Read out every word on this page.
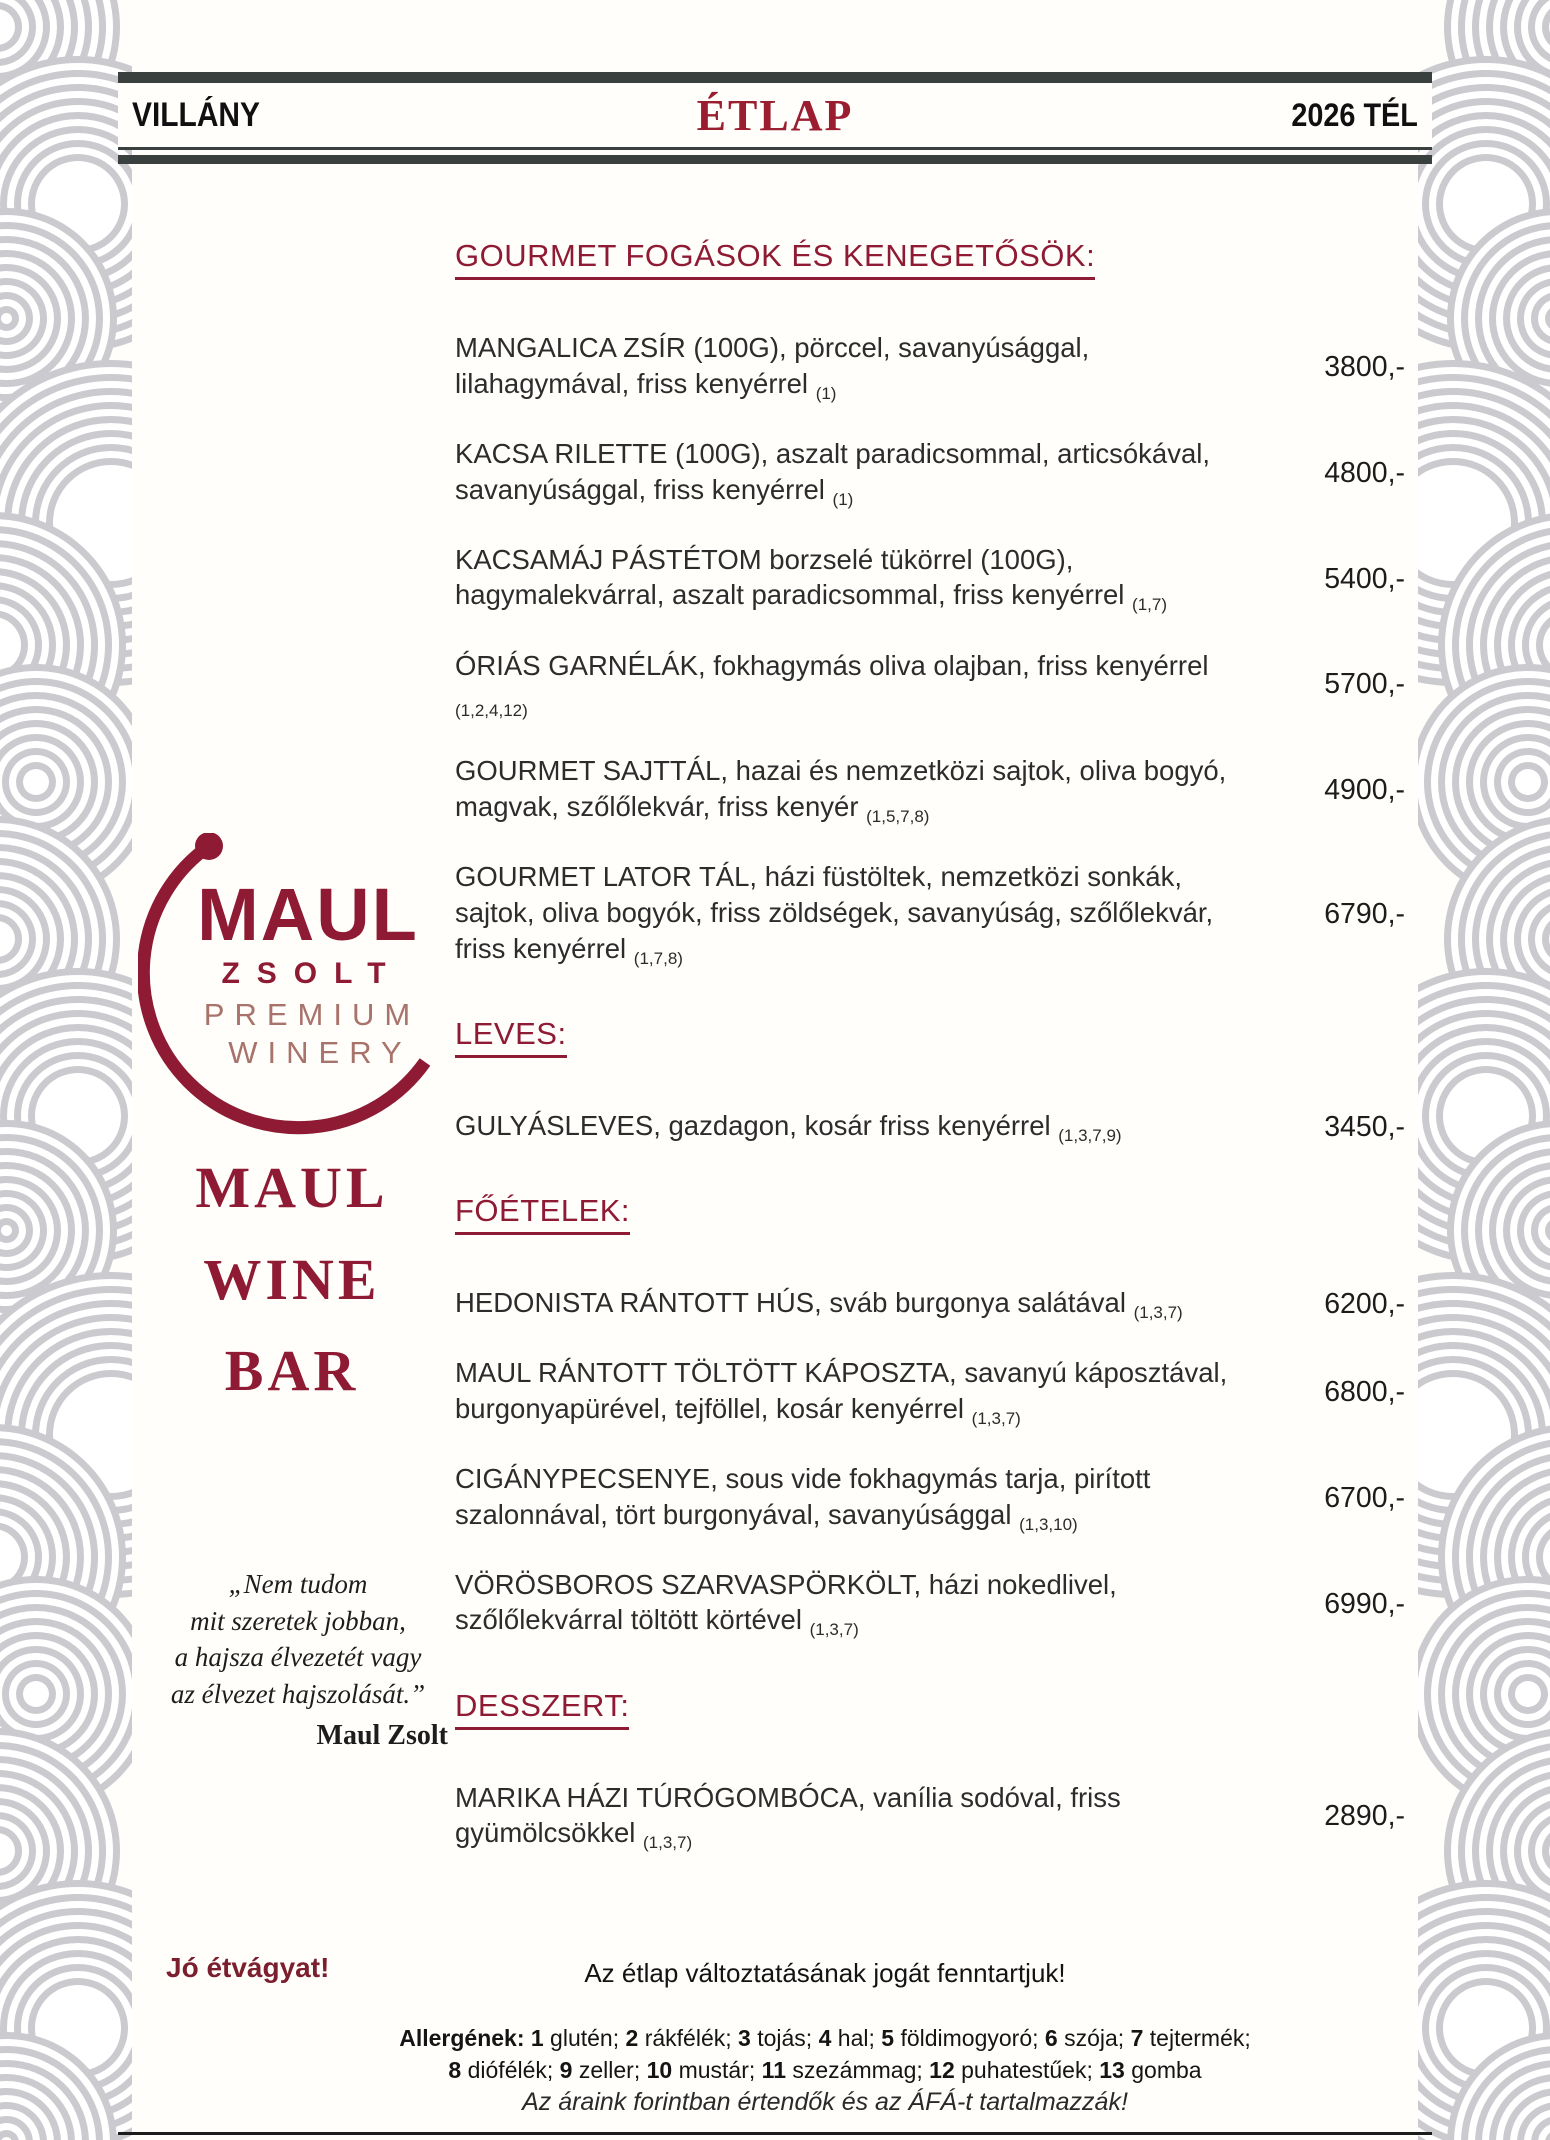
VILLÁNY	ÉTLAP	2026 TÉL
MAUL
ZSOLT
PREMIUM
WINERY
MAUL
WINE
BAR
„Nem tudom
mit szeretek jobban,
a hajsza élvezetét vagy
az élvezet hajszolását.”
Maul Zsolt
Jó étvágyat!
GOURMET FOGÁSOK ÉS KENEGETŐSÖK:

MANGALICA ZSÍR (100G), pörccel, savanyúsággal, lilahagymával, friss kenyérrel $_{(1)}$

3800,-

KACSA RILETTE (100G), aszalt paradicsommal, articsókával, savanyúsággal, friss kenyérrel $_{(1)}$

4800,-

KACSAMÁJ PÁSTÉTOM borzselé tükörrel (100G), hagymalekvárral, aszalt paradicsommal, friss kenyérrel $_{(1,7)}$

5400,-

ÓRIÁS GARNÉLÁK, fokhagymás oliva olajban, friss kenyérrel $_{(1,2,4,12)}$

5700,-

GOURMET SAJTTÁL, hazai és nemzetközi sajtok, oliva bogyó, magvak, szőlőlekvár, friss kenyér $_{(1,5,7,8)}$

4900,-

GOURMET LATOR TÁL, házi füstöltek, nemzetközi sonkák, sajtok, oliva bogyók, friss zöldségek, savanyúság, szőlőlekvár, friss kenyérrel $_{(1,7,8)}$

6790,-
LEVES:

GULYÁSLEVES, gazdagon, kosár friss kenyérrel $_{(1,3,7,9)}$	3450,-
FŐÉTELEK:

HEDONISTA RÁNTOTT HÚS, sváb burgonya salátával $_{(1,3,7)}$	6200,-

MAUL RÁNTOTT TÖLTÖTT KÁPOSZTA, savanyú káposztával, burgonyapürével, tejföllel, kosár kenyérrel $_{(1,3,7)}$

6800,-

CIGÁNYPECSENYE, sous vide fokhagymás tarja, pirított szalonnával, tört burgonyával, savanyúsággal $_{(1,3,10)}$

6700,-

VÖRÖSBOROS SZARVASPÖRKÖLT, házi nokedlivel, szőlőlekvárral töltött körtével $_{(1,3,7)}$

6990,-
DESSZERT:

MARIKA HÁZI TÚRÓGOMBÓCA, vanília sodóval, friss gyümölcsökkel $_{(1,3,7)}$

2890,-

Az étlap változtatásának jogát fenntartjuk!

Allergének: 1 glutén; 2 rákfélék; 3 tojás; 4 hal; 5 földimogyoró; 6 szója; 7 tejtermék;
8 diófélék; 9 zeller; 10 mustár; 11 szezámmag; 12 puhatestűek; 13 gomba
Az áraink forintban értendők és az ÁFÁ-t tartalmazzák!
